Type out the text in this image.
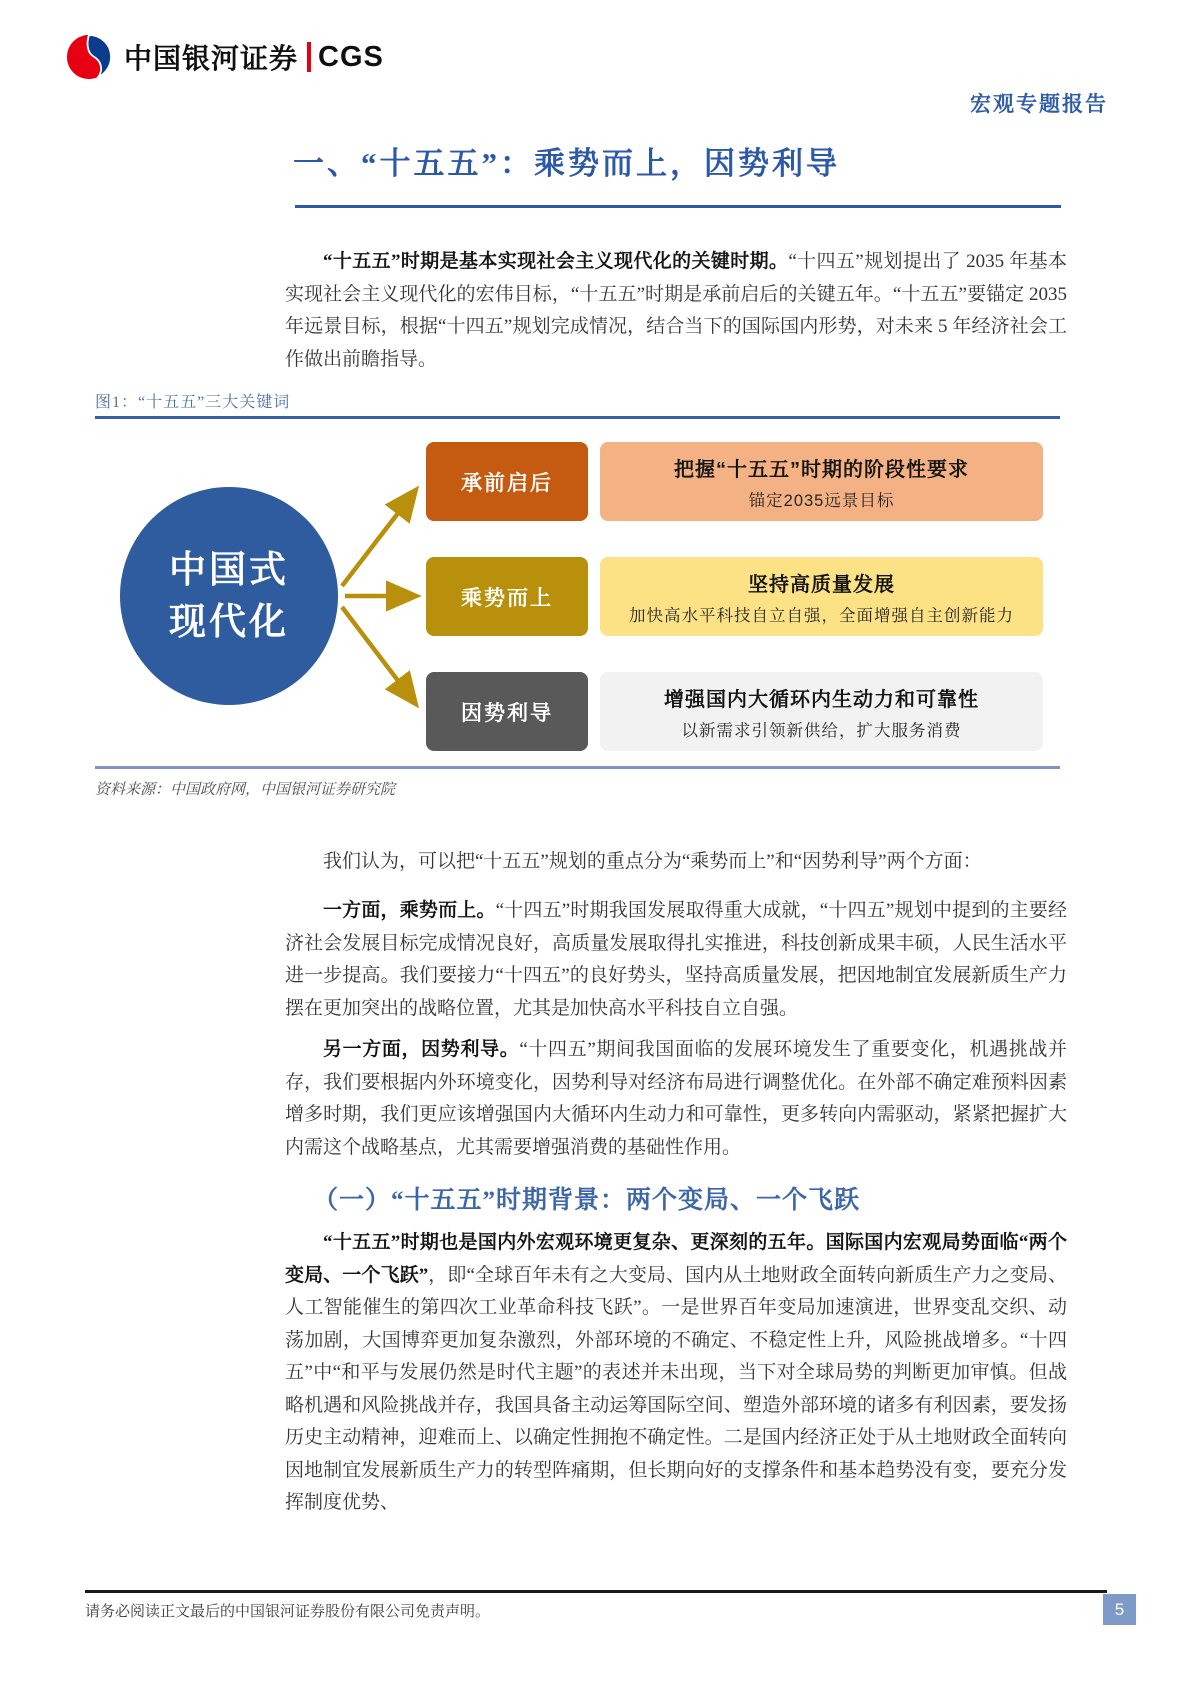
中国银河证券 CGS
宏观专题报告
一、“十五五”：乘势而上，因势利导
“十五五”时期是基本实现社会主义现代化的关键时期。“十四五”规划提出了 2035 年基本实现社会主义现代化的宏伟目标，“十五五”时期是承前启后的关键五年。“十五五”要锚定 2035 年远景目标，根据“十四五”规划完成情况，结合当下的国际国内形势，对未来 5 年经济社会工作做出前瞻指导。
图1：“十五五”三大关键词
中国式
现代化
承前启后
把握“十五五”时期的阶段性要求
锚定2035远景目标
乘势而上
坚持高质量发展
加快高水平科技自立自强，全面增强自主创新能力
因势利导
增强国内大循环内生动力和可靠性
以新需求引领新供给，扩大服务消费
资料来源：中国政府网，中国银河证券研究院
我们认为，可以把“十五五”规划的重点分为“乘势而上”和“因势利导”两个方面：
一方面，乘势而上。“十四五”时期我国发展取得重大成就，“十四五”规划中提到的主要经济社会发展目标完成情况良好，高质量发展取得扎实推进，科技创新成果丰硕，人民生活水平进一步提高。我们要接力“十四五”的良好势头，坚持高质量发展，把因地制宜发展新质生产力摆在更加突出的战略位置，尤其是加快高水平科技自立自强。
另一方面，因势利导。“十四五”期间我国面临的发展环境发生了重要变化，机遇挑战并存，我们要根据内外环境变化，因势利导对经济布局进行调整优化。在外部不确定难预料因素增多时期，我们更应该增强国内大循环内生动力和可靠性，更多转向内需驱动，紧紧把握扩大内需这个战略基点，尤其需要增强消费的基础性作用。
（一）“十五五”时期背景：两个变局、一个飞跃
“十五五”时期也是国内外宏观环境更复杂、更深刻的五年。国际国内宏观局势面临“两个变局、一个飞跃”，即“全球百年未有之大变局、国内从土地财政全面转向新质生产力之变局、人工智能催生的第四次工业革命科技飞跃”。一是世界百年变局加速演进，世界变乱交织、动荡加剧，大国博弈更加复杂激烈，外部环境的不确定、不稳定性上升，风险挑战增多。“十四五”中“和平与发展仍然是时代主题”的表述并未出现，当下对全球局势的判断更加审慎。但战略机遇和风险挑战并存，我国具备主动运筹国际空间、塑造外部环境的诸多有利因素，要发扬历史主动精神，迎难而上、以确定性拥抱不确定性。二是国内经济正处于从土地财政全面转向因地制宜发展新质生产力的转型阵痛期，但长期向好的支撑条件和基本趋势没有变，要充分发挥制度优势、
请务必阅读正文最后的中国银河证券股份有限公司免责声明。	5
